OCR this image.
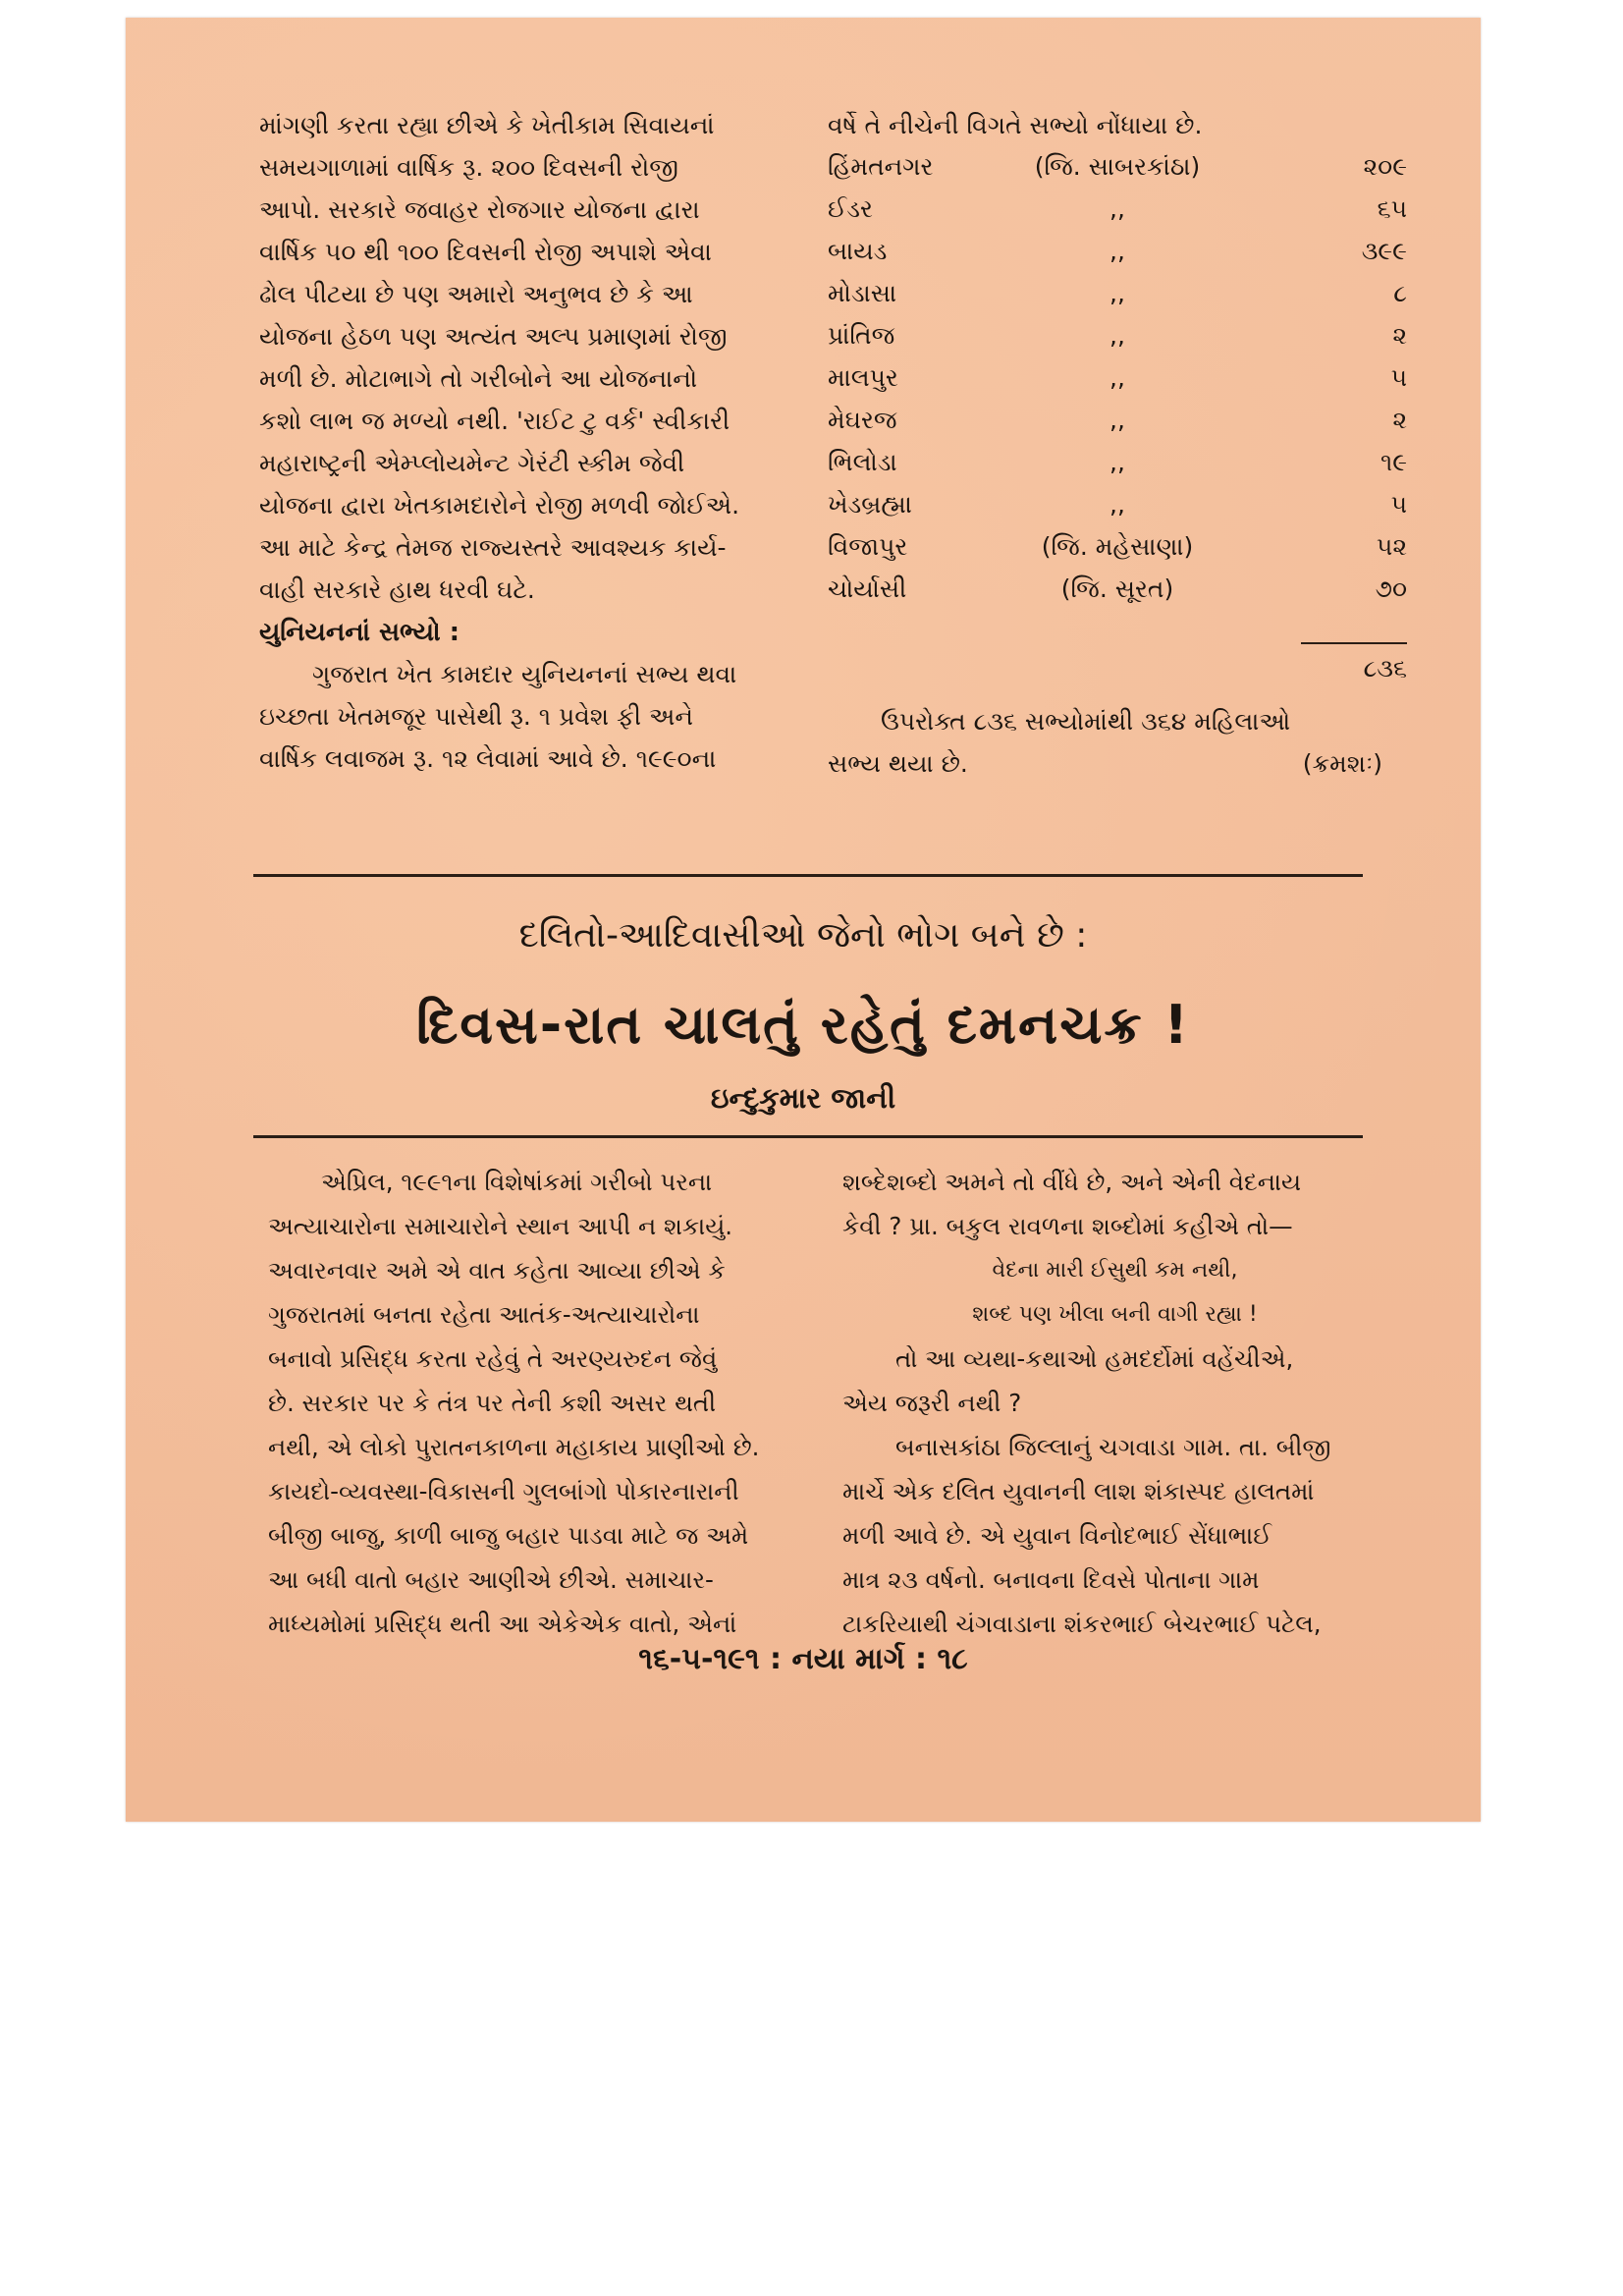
માંગણી કરતા રહ્યા છીએ કે ખેતીકામ સિવાયનાં
સમયગાળામાં વાર્ષિક રૂ. ૨૦૦ દિવસની રોજી
આપો. સરકારે જવાહર રોજગાર યોજના દ્વારા
વાર્ષિક ૫૦ થી ૧૦૦ દિવસની રોજી અપાશે એવા
ઢોલ પીટયા છે પણ અમારો અનુભવ છે કે આ
યોજના હેઠળ પણ અત્યંત અલ્પ પ્રમાણમાં રોજી
મળી છે. મોટાભાગે તો ગરીબોને આ યોજનાનો
કશો લાભ જ મળ્યો નથી. 'રાઈટ ટુ વર્ક' સ્વીકારી
મહારાષ્ટ્રની એમ્પ્લોયમેન્ટ ગેરંટી સ્કીમ જેવી
યોજના દ્વારા ખેતકામદારોને રોજી મળવી જોઈએ.
આ માટે કેન્દ્ર તેમજ રાજ્યસ્તરે આવશ્યક કાર્ય-
વાહી સરકારે હાથ ધરવી ઘટે.
યુનિયનનાં સભ્યો :
ગુજરાત ખેત કામદાર યુનિયનનાં સભ્ય થવા
ઇચ્છતા ખેતમજૂર પાસેથી રૂ. ૧ પ્રવેશ ફી અને
વાર્ષિક લવાજમ રૂ. ૧૨ લેવામાં આવે છે. ૧૯૯૦ના
વર્ષે તે નીચેની વિગતે સભ્યો નોંધાયા છે.
હિંમતનગર	(જિ. સાબરકાંઠા)	૨૦૯
ઈડર	,,	૬૫
બાયડ	,,	૩૯૯
મોડાસા	,,	૮
પ્રાંતિજ	,,	૨
માલપુર	,,	૫
મેઘરજ	,,	૨
ભિલોડા	,,	૧૯
ખેડબ્રહ્મા	,,	૫
વિજાપુર	(જિ. મહેસાણા)	૫૨
ચોર્યાસી	(જિ. સૂરત)	૭૦
૮૩૬
ઉપરોક્ત ૮૩૬ સભ્યોમાંથી ૩૬૪ મહિલાઓ
સભ્ય થયા છે.	(ક્રમશઃ)
દલિતો-આદિવાસીઓ જેનો ભોગ બને છે :
દિવસ-રાત ચાલતું રહેતું દમનચક્ર !
ઇન્દુકુમાર જાની
એપ્રિલ, ૧૯૯૧ના વિશેષાંકમાં ગરીબો પરના
અત્યાચારોના સમાચારોને સ્થાન આપી ન શકાયું.
અવારનવાર અમે એ વાત કહેતા આવ્યા છીએ કે
ગુજરાતમાં બનતા રહેતા આતંક-અત્યાચારોના
બનાવો પ્રસિદ્ધ કરતા રહેવું તે અરણ્યરુદન જેવું
છે. સરકાર પર કે તંત્ર પર તેની કશી અસર થતી
નથી, એ લોકો પુરાતનકાળના મહાકાય પ્રાણીઓ છે.
કાયદો-વ્યવસ્થા-વિકાસની ગુલબાંગો પોકારનારાની
બીજી બાજુ, કાળી બાજુ બહાર પાડવા માટે જ અમે
આ બધી વાતો બહાર આણીએ છીએ. સમાચાર-
માધ્યમોમાં પ્રસિદ્ધ થતી આ એકેએક વાતો, એનાં
શબ્દેશબ્દો અમને તો વીંધે છે, અને એની વેદનાય
કેવી ? પ્રા. બકુલ રાવળના શબ્દોમાં કહીએ તો—
વેદના મારી ઈસુથી કમ નથી,
શબ્દ પણ ખીલા બની વાગી રહ્યા !
તો આ વ્યથા-કથાઓ હમદર્દોમાં વહેંચીએ,
એય જરૂરી નથી ?
બનાસકાંઠા જિલ્લાનું ચગવાડા ગામ. તા. બીજી
માર્ચે એક દલિત યુવાનની લાશ શંકાસ્પદ હાલતમાં
મળી આવે છે. એ યુવાન વિનોદભાઈ સેંધાભાઈ
માત્ર ૨૩ વર્ષનો. બનાવના દિવસે પોતાના ગામ
ટાકરિયાથી ચંગવાડાના શંકરભાઈ બેચરભાઈ પટેલ,
૧૬-૫-૧૯૧ : નયા માર્ગ : ૧૮
